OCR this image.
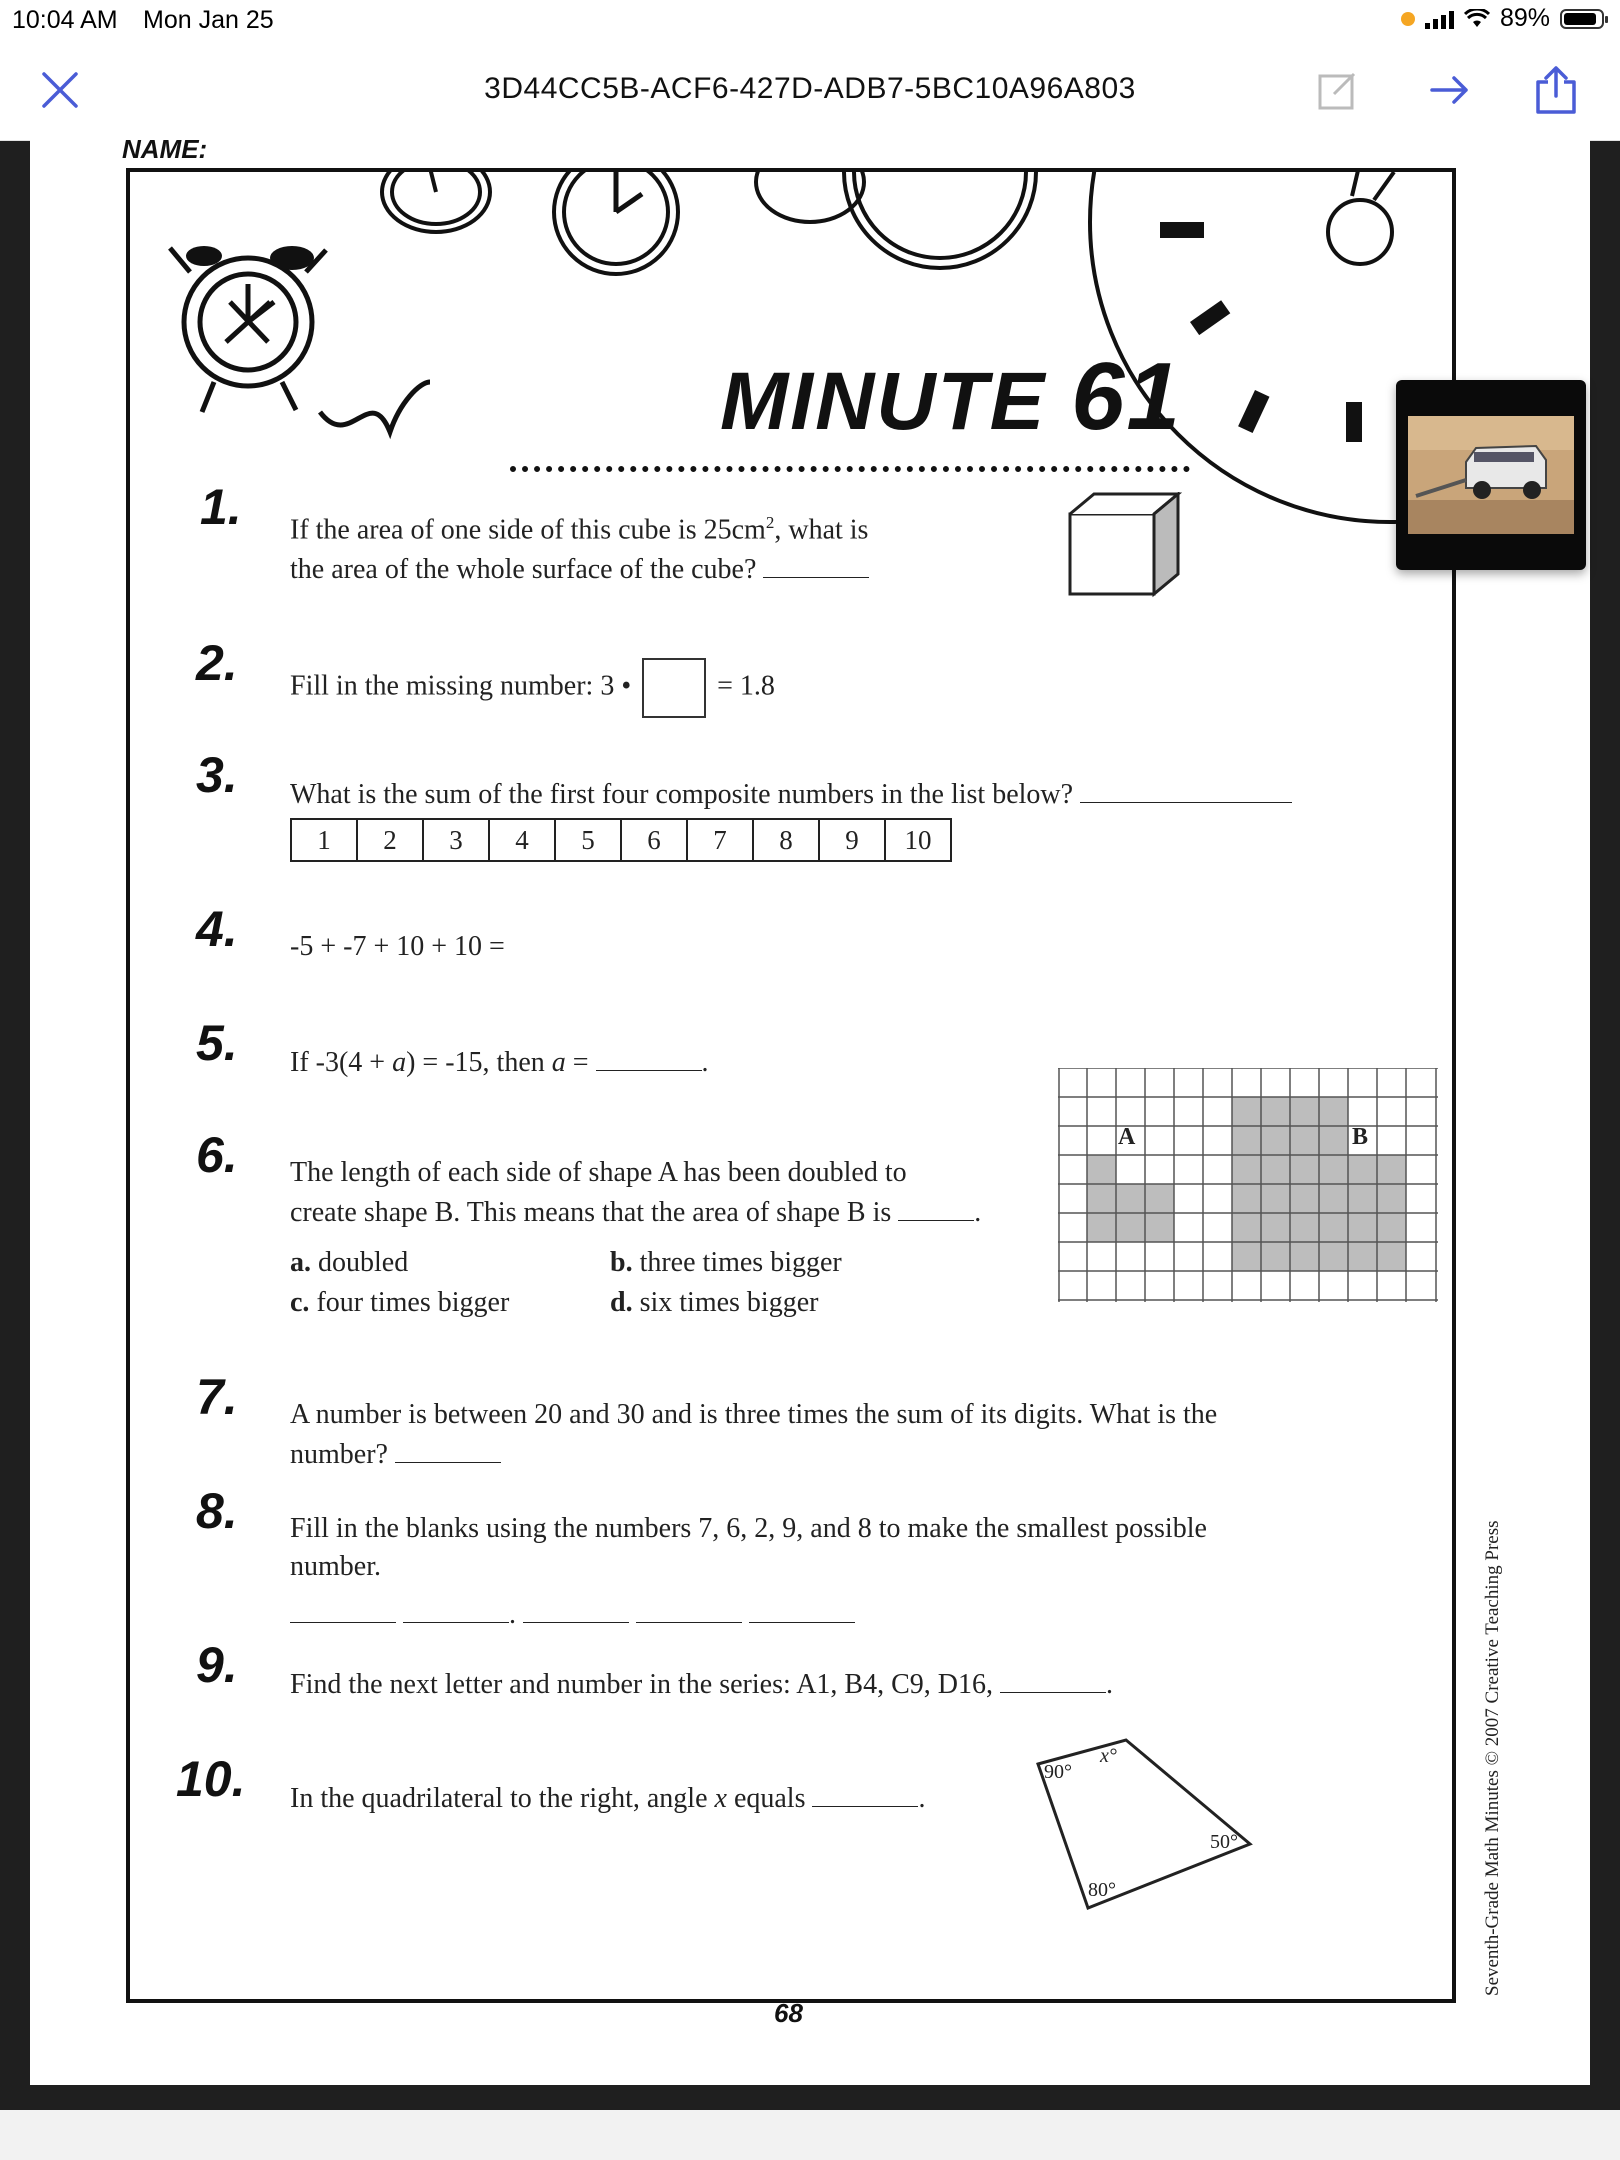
10:04 AM Mon Jan 25	89%
3D44CC5B-ACF6-427D-ADB7-5BC10A96A803
NAME:
MINUTE 61
1. If the area of one side of this cube is $25cm^2$, what is
the area of the whole surface of the cube?
2. Fill in the missing number: 3 •	= 1.8
3. What is the sum of the first four composite numbers in the list below?
1	2	3	4	5	6	7	8	9	10
4. -5 + -7 + 10 + 10 =
5. If -3(4 + a) = -15, then a =	.
6. The length of each side of shape A has been doubled to
create shape B. This means that the area of shape B is	.
a. doubled	b. three times bigger
c. four times bigger	d. six times bigger
A	B
7. A number is between 20 and 30 and is three times the sum of its digits. What is the
number?
8. Fill in the blanks using the numbers 7, 6, 2, 9, and 8 to make the smallest possible
number.
.
9. Find the next letter and number in the series: A1, B4, C9, D16,	.
10. In the quadrilateral to the right, angle x equals	.
90°
x°
50°
80°
68
Seventh-Grade Math Minutes © 2007 Creative Teaching Press
